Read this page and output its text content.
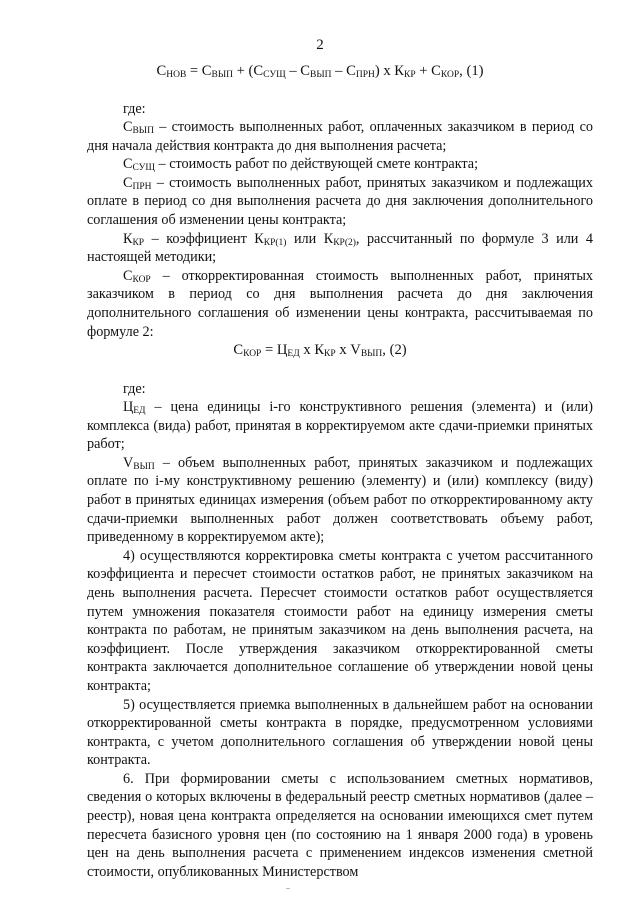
2
$С_{НОВ} = С_{ВЫП} + (С_{СУЩ} - С_{ВЫП} - С_{ПРН})$ х $К_{КР} + С_{КОР}$, (1)
где:

$С_{ВЫП}$ – стоимость выполненных работ, оплаченных заказчиком в период со дня начала действия контракта до дня выполнения расчета;

$С_{СУЩ}$ – стоимость работ по действующей смете контракта;

$С_{ПРН}$ – стоимость выполненных работ, принятых заказчиком и подлежащих оплате в период со дня выполнения расчета до дня заключения дополнительного соглашения об изменении цены контракта;

$К_{КР}$ – коэффициент $К_{КР(1)}$ или $К_{КР(2)}$, рассчитанный по формуле 3 или 4 настоящей методики;

$С_{КОР}$ – откорректированная стоимость выполненных работ, принятых заказчиком в период со дня выполнения расчета до дня заключения дополнительного соглашения об изменении цены контракта, рассчитываемая по формуле 2:

$С_{КОР} = Ц_{ЕД}$ х $К_{КР}$ х $V_{ВЫП}$, (2)
где:

$Ц_{ЕД}$ – цена единицы i-го конструктивного решения (элемента) и (или) комплекса (вида) работ, принятая в корректируемом акте сдачи-приемки принятых работ;

$V_{ВЫП}$ – объем выполненных работ, принятых заказчиком и подлежащих оплате по i-му конструктивному решению (элементу) и (или) комплексу (виду) работ в принятых единицах измерения (объем работ по откорректированному акту сдачи-приемки выполненных работ должен соответствовать объему работ, приведенному в корректируемом акте);

4) осуществляются корректировка сметы контракта с учетом рассчитанного коэффициента и пересчет стоимости остатков работ, не принятых заказчиком на день выполнения расчета. Пересчет стоимости остатков работ осуществляется путем умножения показателя стоимости работ на единицу измерения сметы контракта по работам, не принятым заказчиком на день выполнения расчета, на коэффициент. После утверждения заказчиком откорректированной сметы контракта заключается дополнительное соглашение об утверждении новой цены контракта;

5) осуществляется приемка выполненных в дальнейшем работ на основании откорректированной сметы контракта в порядке, предусмотренном условиями контракта, с учетом дополнительного соглашения об утверждении новой цены контракта.

6. При формировании сметы с использованием сметных нормативов, сведения о которых включены в федеральный реестр сметных нормативов (далее – реестр), новая цена контракта определяется на основании имеющихся смет путем пересчета базисного уровня цен (по состоянию на 1 января 2000 года) в уровень цен на день выполнения расчета с применением индексов изменения сметной стоимости, опубликованных Министерством
